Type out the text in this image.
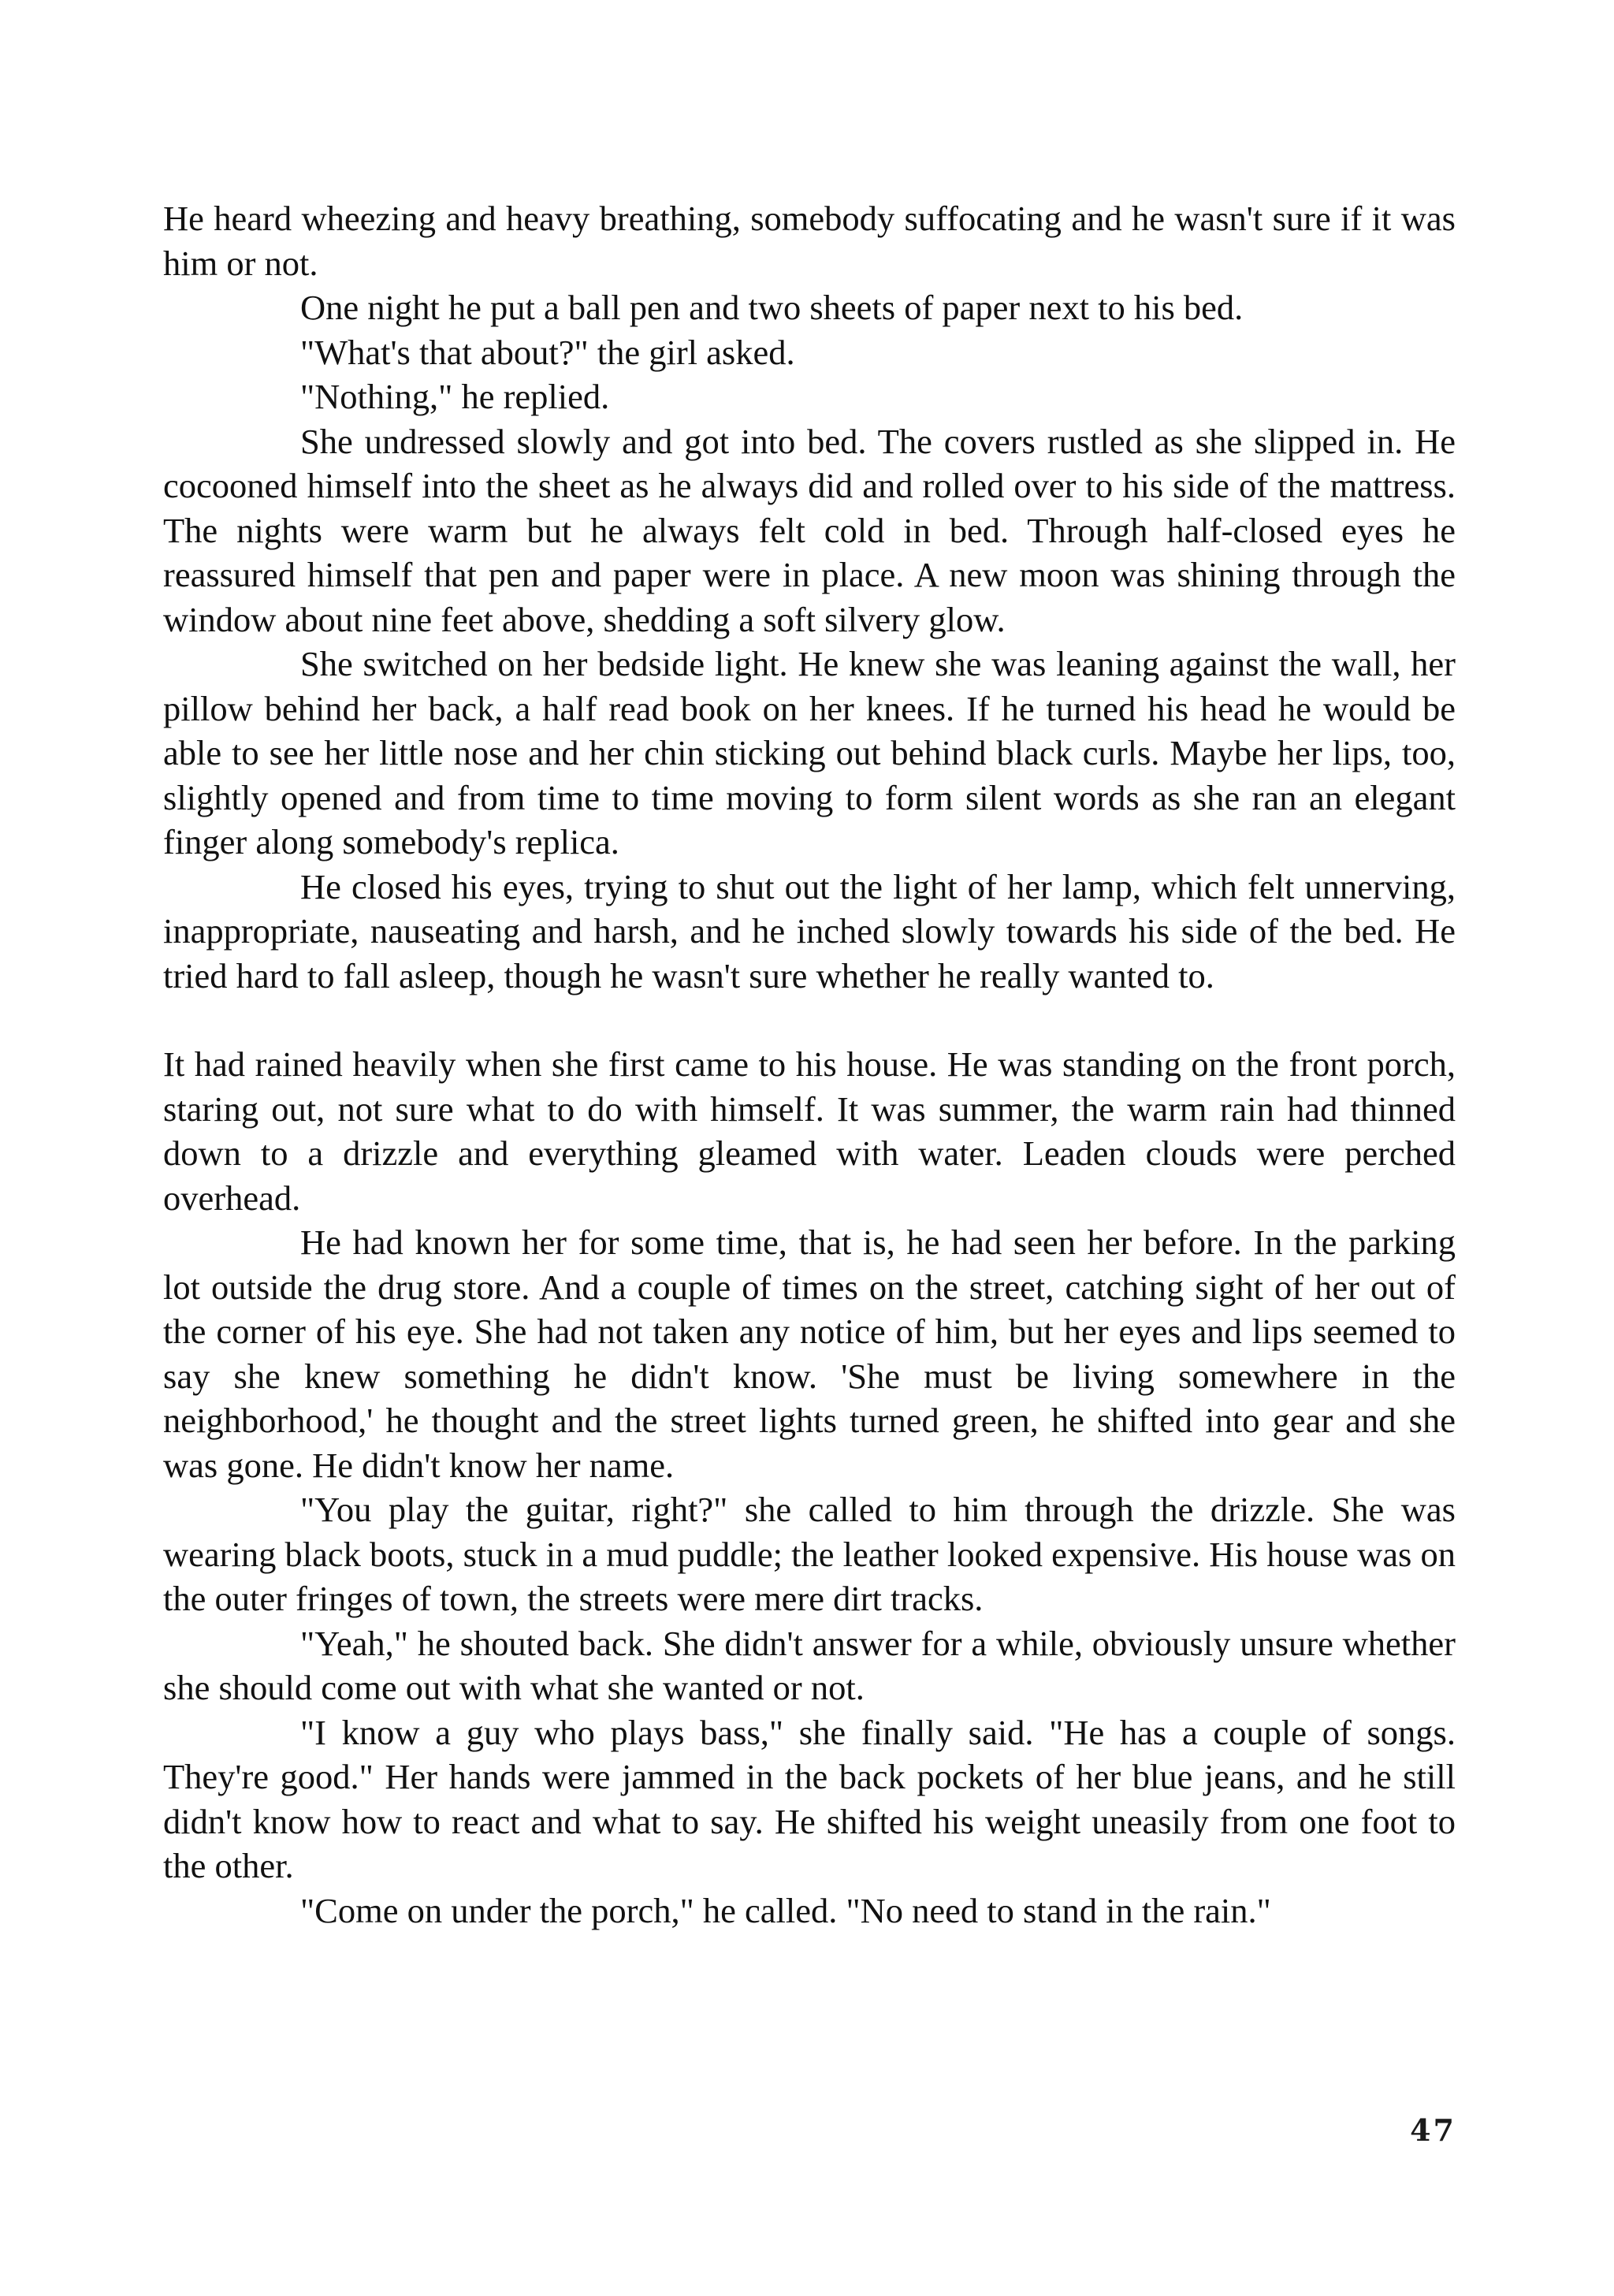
He heard wheezing and heavy breathing, somebody suffocating and he wasn't sure if it was him or not.

One night he put a ball pen and two sheets of paper next to his bed.

"What's that about?" the girl asked.

"Nothing," he replied.

She undressed slowly and got into bed. The covers rustled as she slipped in. He cocooned himself into the sheet as he always did and rolled over to his side of the mattress. The nights were warm but he always felt cold in bed. Through half-closed eyes he reassured himself that pen and paper were in place. A new moon was shining through the window about nine feet above, shedding a soft silvery glow.

She switched on her bedside light. He knew she was leaning against the wall, her pillow behind her back, a half read book on her knees. If he turned his head he would be able to see her little nose and her chin sticking out behind black curls. Maybe her lips, too, slightly opened and from time to time moving to form silent words as she ran an elegant finger along somebody's replica.

He closed his eyes, trying to shut out the light of her lamp, which felt unnerving, inappropriate, nauseating and harsh, and he inched slowly towards his side of the bed. He tried hard to fall asleep, though he wasn't sure whether he really wanted to.

It had rained heavily when she first came to his house. He was standing on the front porch, staring out, not sure what to do with himself. It was summer, the warm rain had thinned down to a drizzle and everything gleamed with water. Leaden clouds were perched overhead.

He had known her for some time, that is, he had seen her before. In the parking lot outside the drug store. And a couple of times on the street, catching sight of her out of the corner of his eye. She had not taken any notice of him, but her eyes and lips seemed to say she knew something he didn't know. 'She must be living somewhere in the neighborhood,' he thought and the street lights turned green, he shifted into gear and she was gone. He didn't know her name.

"You play the guitar, right?" she called to him through the drizzle. She was wearing black boots, stuck in a mud puddle; the leather looked expensive. His house was on the outer fringes of town, the streets were mere dirt tracks.

"Yeah," he shouted back. She didn't answer for a while, obviously unsure whether she should come out with what she wanted or not.

"I know a guy who plays bass," she finally said. "He has a couple of songs. They're good." Her hands were jammed in the back pockets of her blue jeans, and he still didn't know how to react and what to say. He shifted his weight uneasily from one foot to the other.

"Come on under the porch," he called. "No need to stand in the rain."

47
